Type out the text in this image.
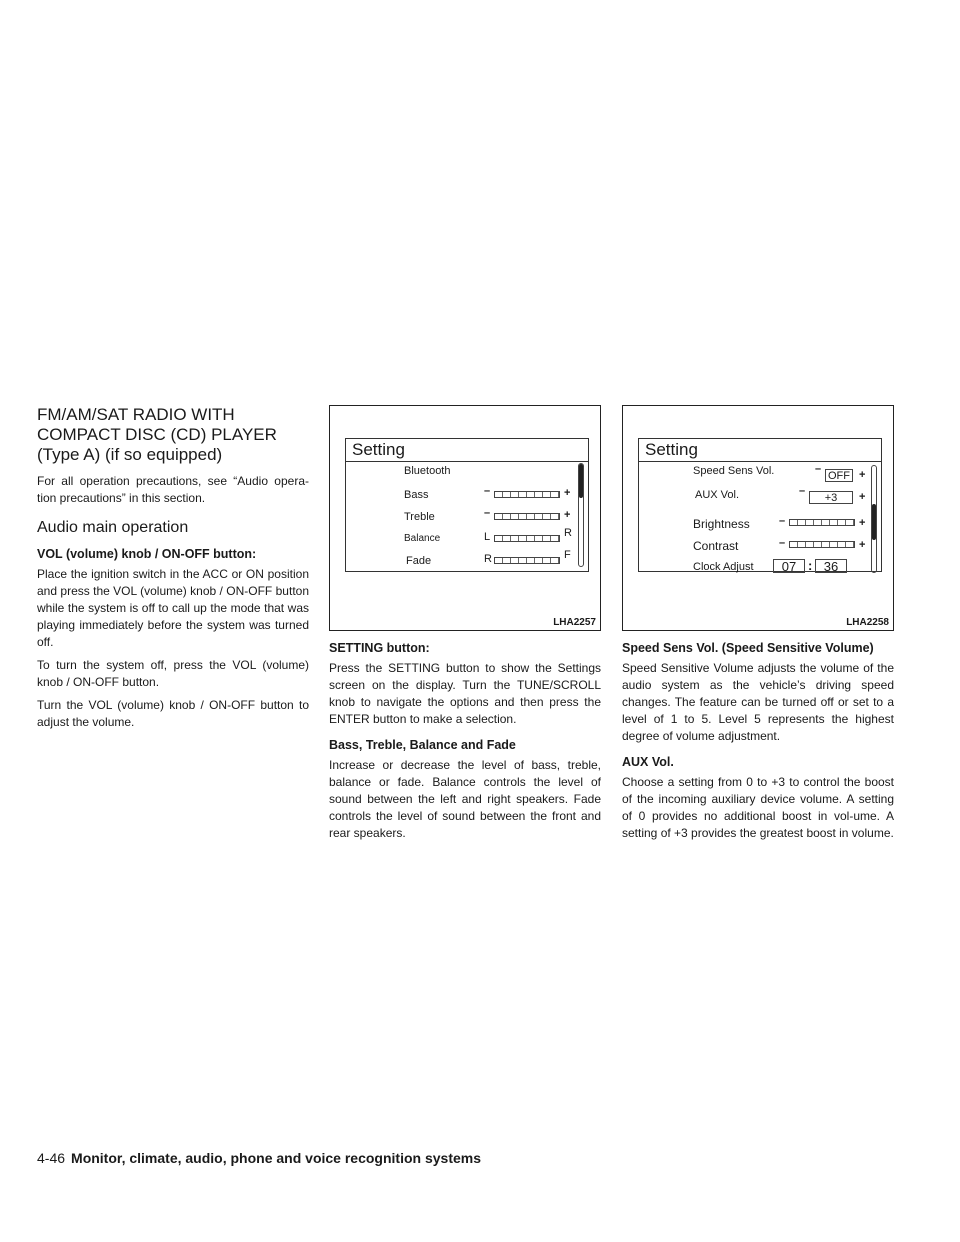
FM/AM/SAT RADIO WITH COMPACT DISC (CD) PLAYER (Type A) (if so equipped)

For all operation precautions, see “Audio opera-tion precautions” in this section.

Audio main operation
VOL (volume) knob / ON-OFF button:

Place the ignition switch in the ACC or ON position and press the VOL (volume) knob / ON-OFF button while the system is off to call up the mode that was playing immediately before the system was turned off.

To turn the system off, press the VOL (volume) knob / ON-OFF button.

Turn the VOL (volume) knob / ON-OFF button to adjust the volume.

Setting
Bluetooth
Bass	–	+
Treble	–	+
Balance	L	R
Fade	R	F
LHA2257
SETTING button:

Press the SETTING button to show the Settings screen on the display. Turn the TUNE/SCROLL knob to navigate the options and then press the ENTER button to make a selection.

Bass, Treble, Balance and Fade

Increase or decrease the level of bass, treble, balance or fade. Balance controls the level of sound between the left and right speakers. Fade controls the level of sound between the front and rear speakers.

Setting
Speed Sens Vol.	–
OFF +
AUX Vol.	–
+3	+
Brightness	–	+
Contrast	–	+
Clock Adjust	07 : 36
LHA2258
Speed Sens Vol. (Speed Sensitive Volume)

Speed Sensitive Volume adjusts the volume of the audio system as the vehicle’s driving speed changes. The feature can be turned off or set to a level of 1 to 5. Level 5 represents the highest degree of volume adjustment.

AUX Vol.

Choose a setting from 0 to +3 to control the boost of the incoming auxiliary device volume. A setting of 0 provides no additional boost in vol-ume. A setting of +3 provides the greatest boost in volume.

4-46 Monitor, climate, audio, phone and voice recognition systems
